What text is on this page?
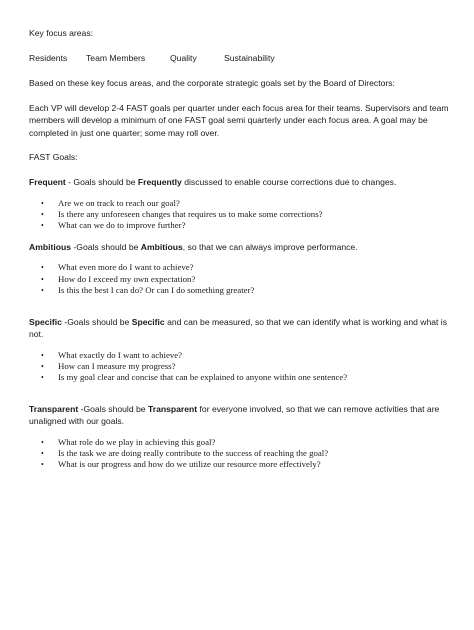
Key focus areas:

Residents	Team Members	Quality	Sustainability

Based on these key focus areas, and the corporate strategic goals set by the Board of Directors:

Each VP will develop 2-4 FAST goals per quarter under each focus area for their teams. Supervisors and team members will develop a minimum of one FAST goal semi quarterly under each focus area. A goal may be completed in just one quarter; some may roll over.

FAST Goals:

Frequent - Goals should be Frequently discussed to enable course corrections due to changes.

• Are we on track to reach our goal?
• Is there any unforeseen changes that requires us to make some corrections?
• What can we do to improve further?

Ambitious -Goals should be Ambitious, so that we can always improve performance.

• What even more do I want to achieve?
• How do I exceed my own expectation?
• Is this the best I can do? Or can I do something greater?

Specific -Goals should be Specific and can be measured, so that we can identify what is working and what is not.

• What exactly do I want to achieve?
• How can I measure my progress?
• Is my goal clear and concise that can be explained to anyone within one sentence?

Transparent -Goals should be Transparent for everyone involved, so that we can remove activities that are unaligned with our goals.

• What role do we play in achieving this goal?
• Is the task we are doing really contribute to the success of reaching the goal?
• What is our progress and how do we utilize our resource more effectively?
